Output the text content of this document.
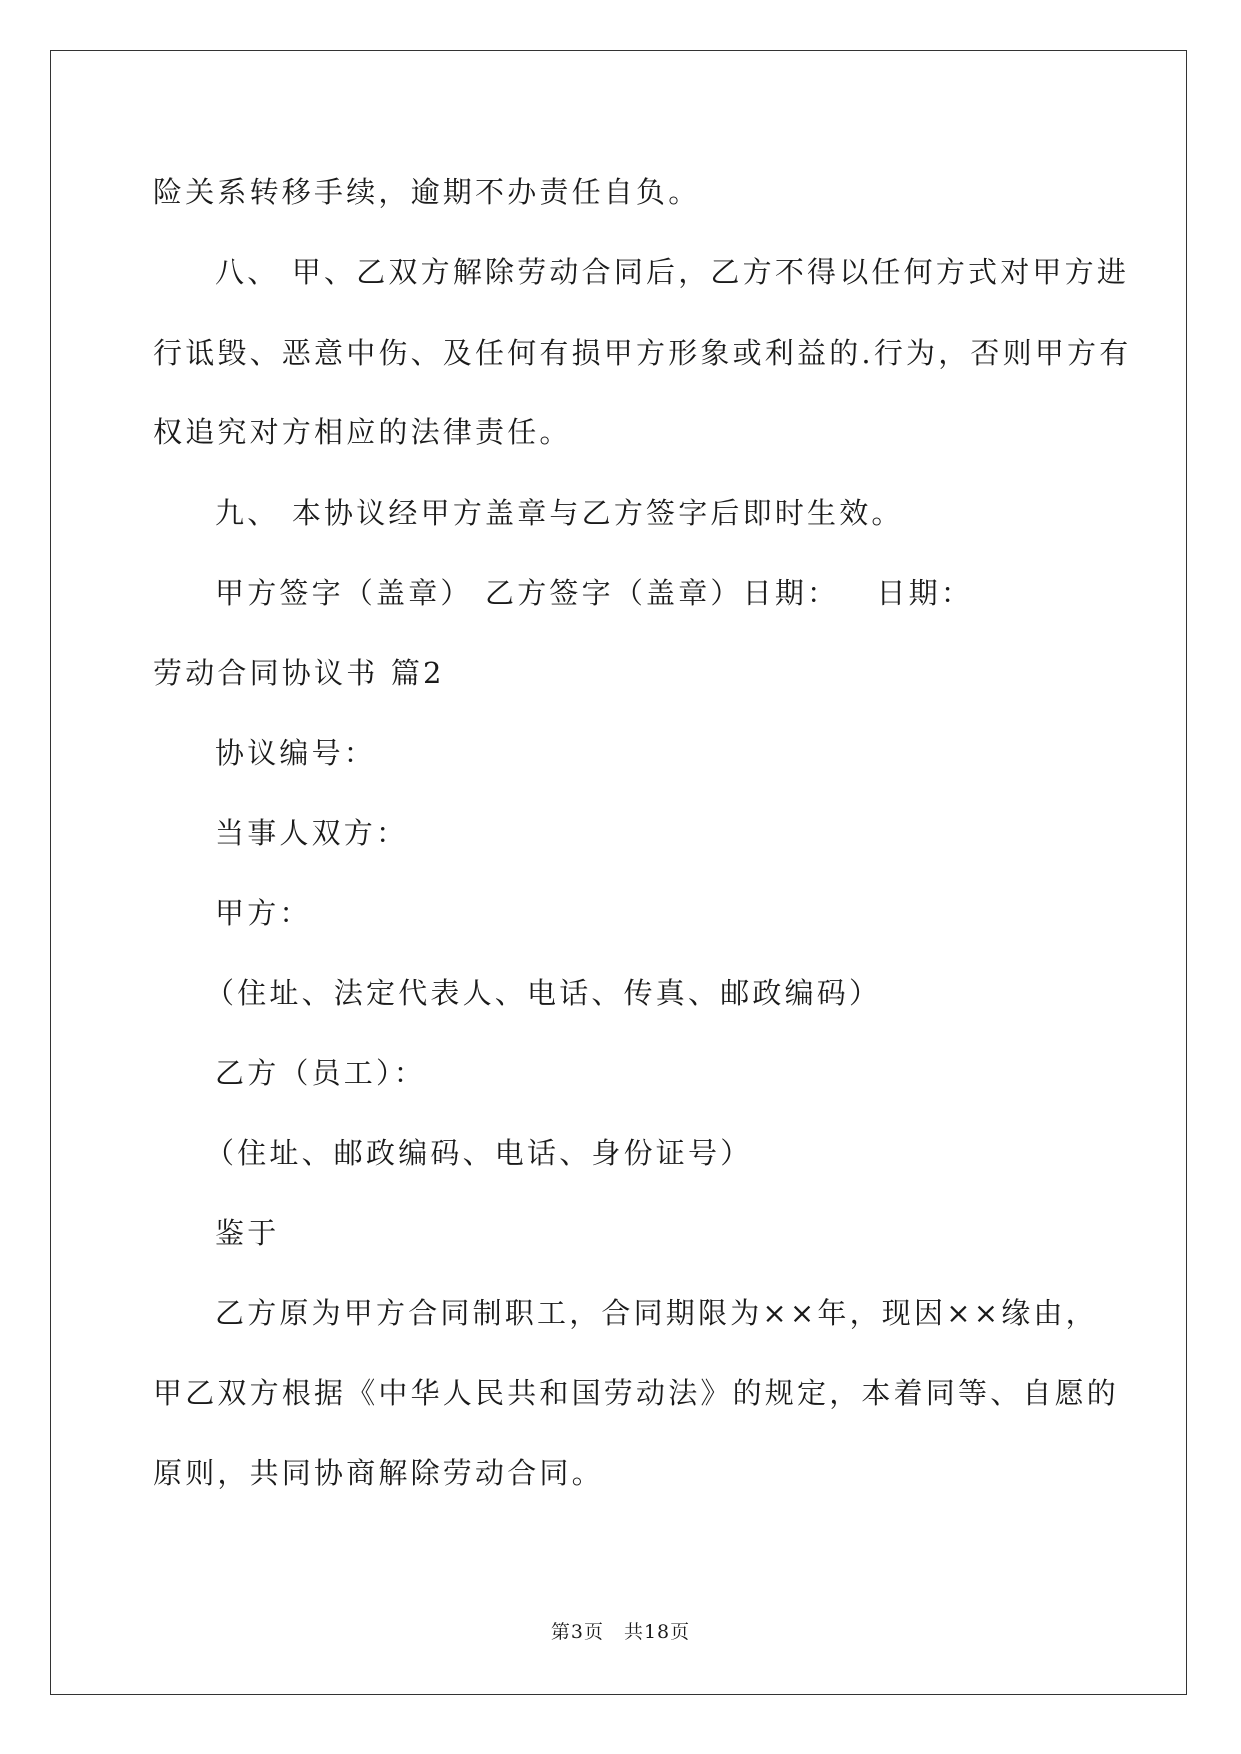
险关系转移手续，逾期不办责任自负。
八、 甲、乙双方解除劳动合同后，乙方不得以任何方式对甲方进
行诋毁、恶意中伤、及任何有损甲方形象或利益的.行为，否则甲方有
权追究对方相应的法律责任。
九、 本协议经甲方盖章与乙方签字后即时生效。
甲方签字（盖章） 乙方签字（盖章）日期：   日期：
劳动合同协议书 篇2
协议编号：
当事人双方：
甲方：
（住址、法定代表人、电话、传真、邮政编码）
乙方（员工）：
（住址、邮政编码、电话、身份证号）
鉴于
乙方原为甲方合同制职工，合同期限为××年，现因××缘由，
甲乙双方根据《中华人民共和国劳动法》的规定，本着同等、自愿的
原则，共同协商解除劳动合同。
第3页　共18页
